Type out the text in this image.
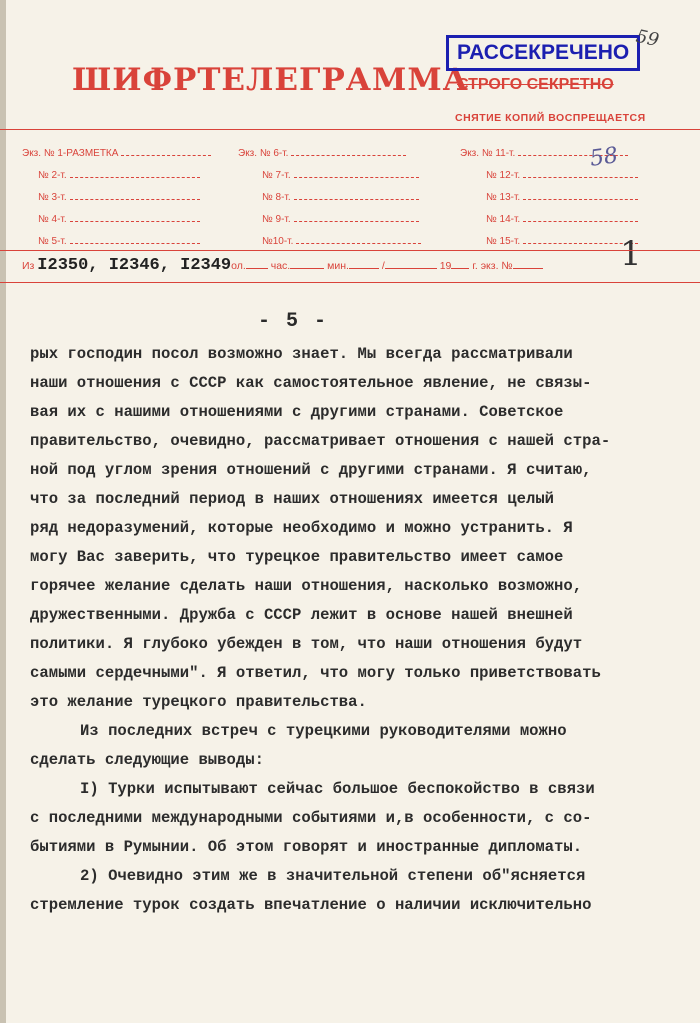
ШИФРТЕЛЕГРАММА
СТРОГО СЕКРЕТНО
РАССЕКРЕЧЕНО
59
СНЯТИЕ КОПИЙ ВОСПРЕЩАЕТСЯ
Экз. № 1-РАЗМЕТКА
№ 2-т.
№ 3-т.
№ 4-т.
№ 5-т.
Экз. № 6-т.
№ 7-т.
№ 8-т.
№ 9-т.
№10-т.
Экз. № 11-т.
№ 12-т.
№ 13-т.
№ 14-т.
№ 15-т.
58
1
Из I2350, I2346, I2349ол. час.	мин.	/	19 г. экз. №
- 5 -
рых господин посол возможно знает. Мы всегда рассматривали
наши отношения с СССР как самостоятельное явление, не связы-
вая их с нашими отношениями с другими странами. Советское
правительство, очевидно, рассматривает отношения с нашей стра-
ной под углом зрения отношений с другими странами. Я считаю,
что за последний период в наших отношениях имеется целый
ряд недоразумений, которые необходимо и можно устранить. Я
могу Вас заверить, что турецкое правительство имеет самое
горячее желание сделать наши отношения, насколько возможно,
дружественными. Дружба с СССР лежит в основе нашей внешней
политики. Я глубоко убежден в том, что наши отношения будут
самыми сердечными". Я ответил, что могу только приветствовать
это желание турецкого правительства.
Из последних встреч с турецкими руководителями можно
сделать следующие выводы:
I) Турки испытывают сейчас большое беспокойство в связи
с последними международными событиями и,в особенности, с со-
бытиями в Румынии. Об этом говорят и иностранные дипломаты.
2) Очевидно этим же в значительной степени об"ясняется
стремление турок создать впечатление о наличии исключительно
